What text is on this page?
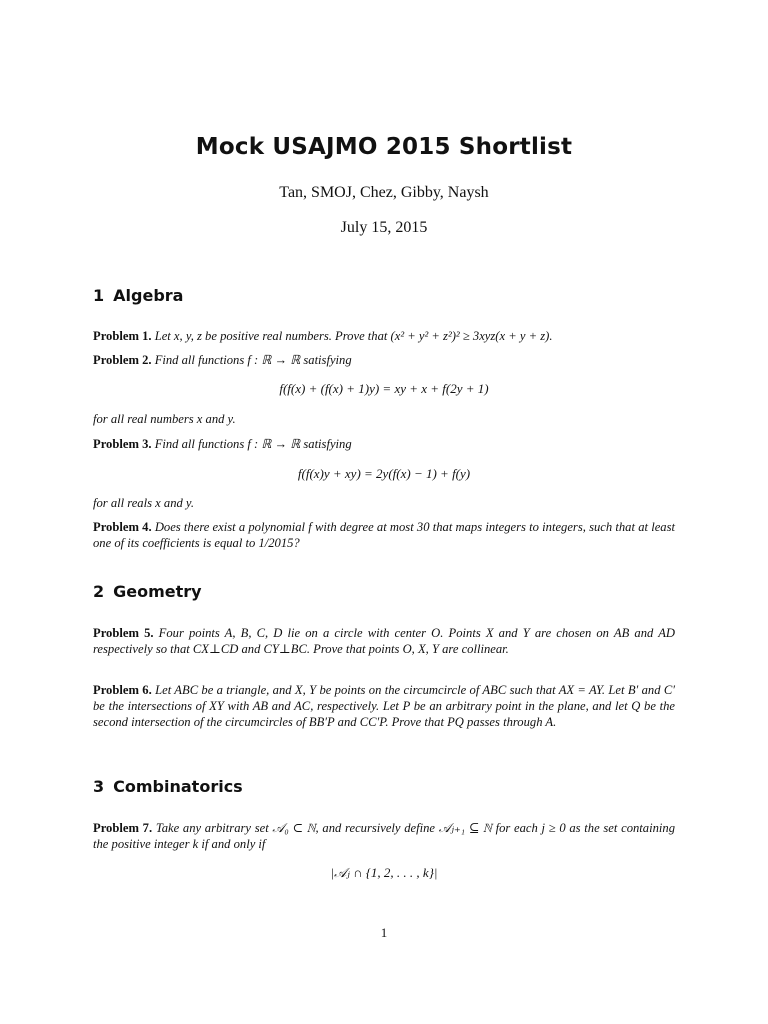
Mock USAJMO 2015 Shortlist
Tan, SMOJ, Chez, Gibby, Naysh
July 15, 2015
1 Algebra
Problem 1. Let x, y, z be positive real numbers. Prove that (x² + y² + z²)² ≥ 3xyz(x + y + z).
Problem 2. Find all functions f : ℝ → ℝ satisfying
f(f(x) + (f(x) + 1)y) = xy + x + f(2y + 1)
for all real numbers x and y.
Problem 3. Find all functions f : ℝ → ℝ satisfying
f(f(x)y + xy) = 2y(f(x) − 1) + f(y)
for all reals x and y.
Problem 4. Does there exist a polynomial f with degree at most 30 that maps integers to integers, such that at least one of its coefficients is equal to 1/2015?
2 Geometry
Problem 5. Four points A, B, C, D lie on a circle with center O. Points X and Y are chosen on AB and AD respectively so that CX⊥CD and CY⊥BC. Prove that points O, X, Y are collinear.
Problem 6. Let ABC be a triangle, and X, Y be points on the circumcircle of ABC such that AX = AY. Let B′ and C′ be the intersections of XY with AB and AC, respectively. Let P be an arbitrary point in the plane, and let Q be the second intersection of the circumcircles of BB′P and CC′P. Prove that PQ passes through A.
3 Combinatorics
Problem 7. Take any arbitrary set 𝒜₀ ⊂ ℕ, and recursively define 𝒜ⱼ₊₁ ⊆ ℕ for each j ≥ 0 as the set containing the positive integer k if and only if
|𝒜ⱼ ∩ {1, 2, . . . , k}|
1
